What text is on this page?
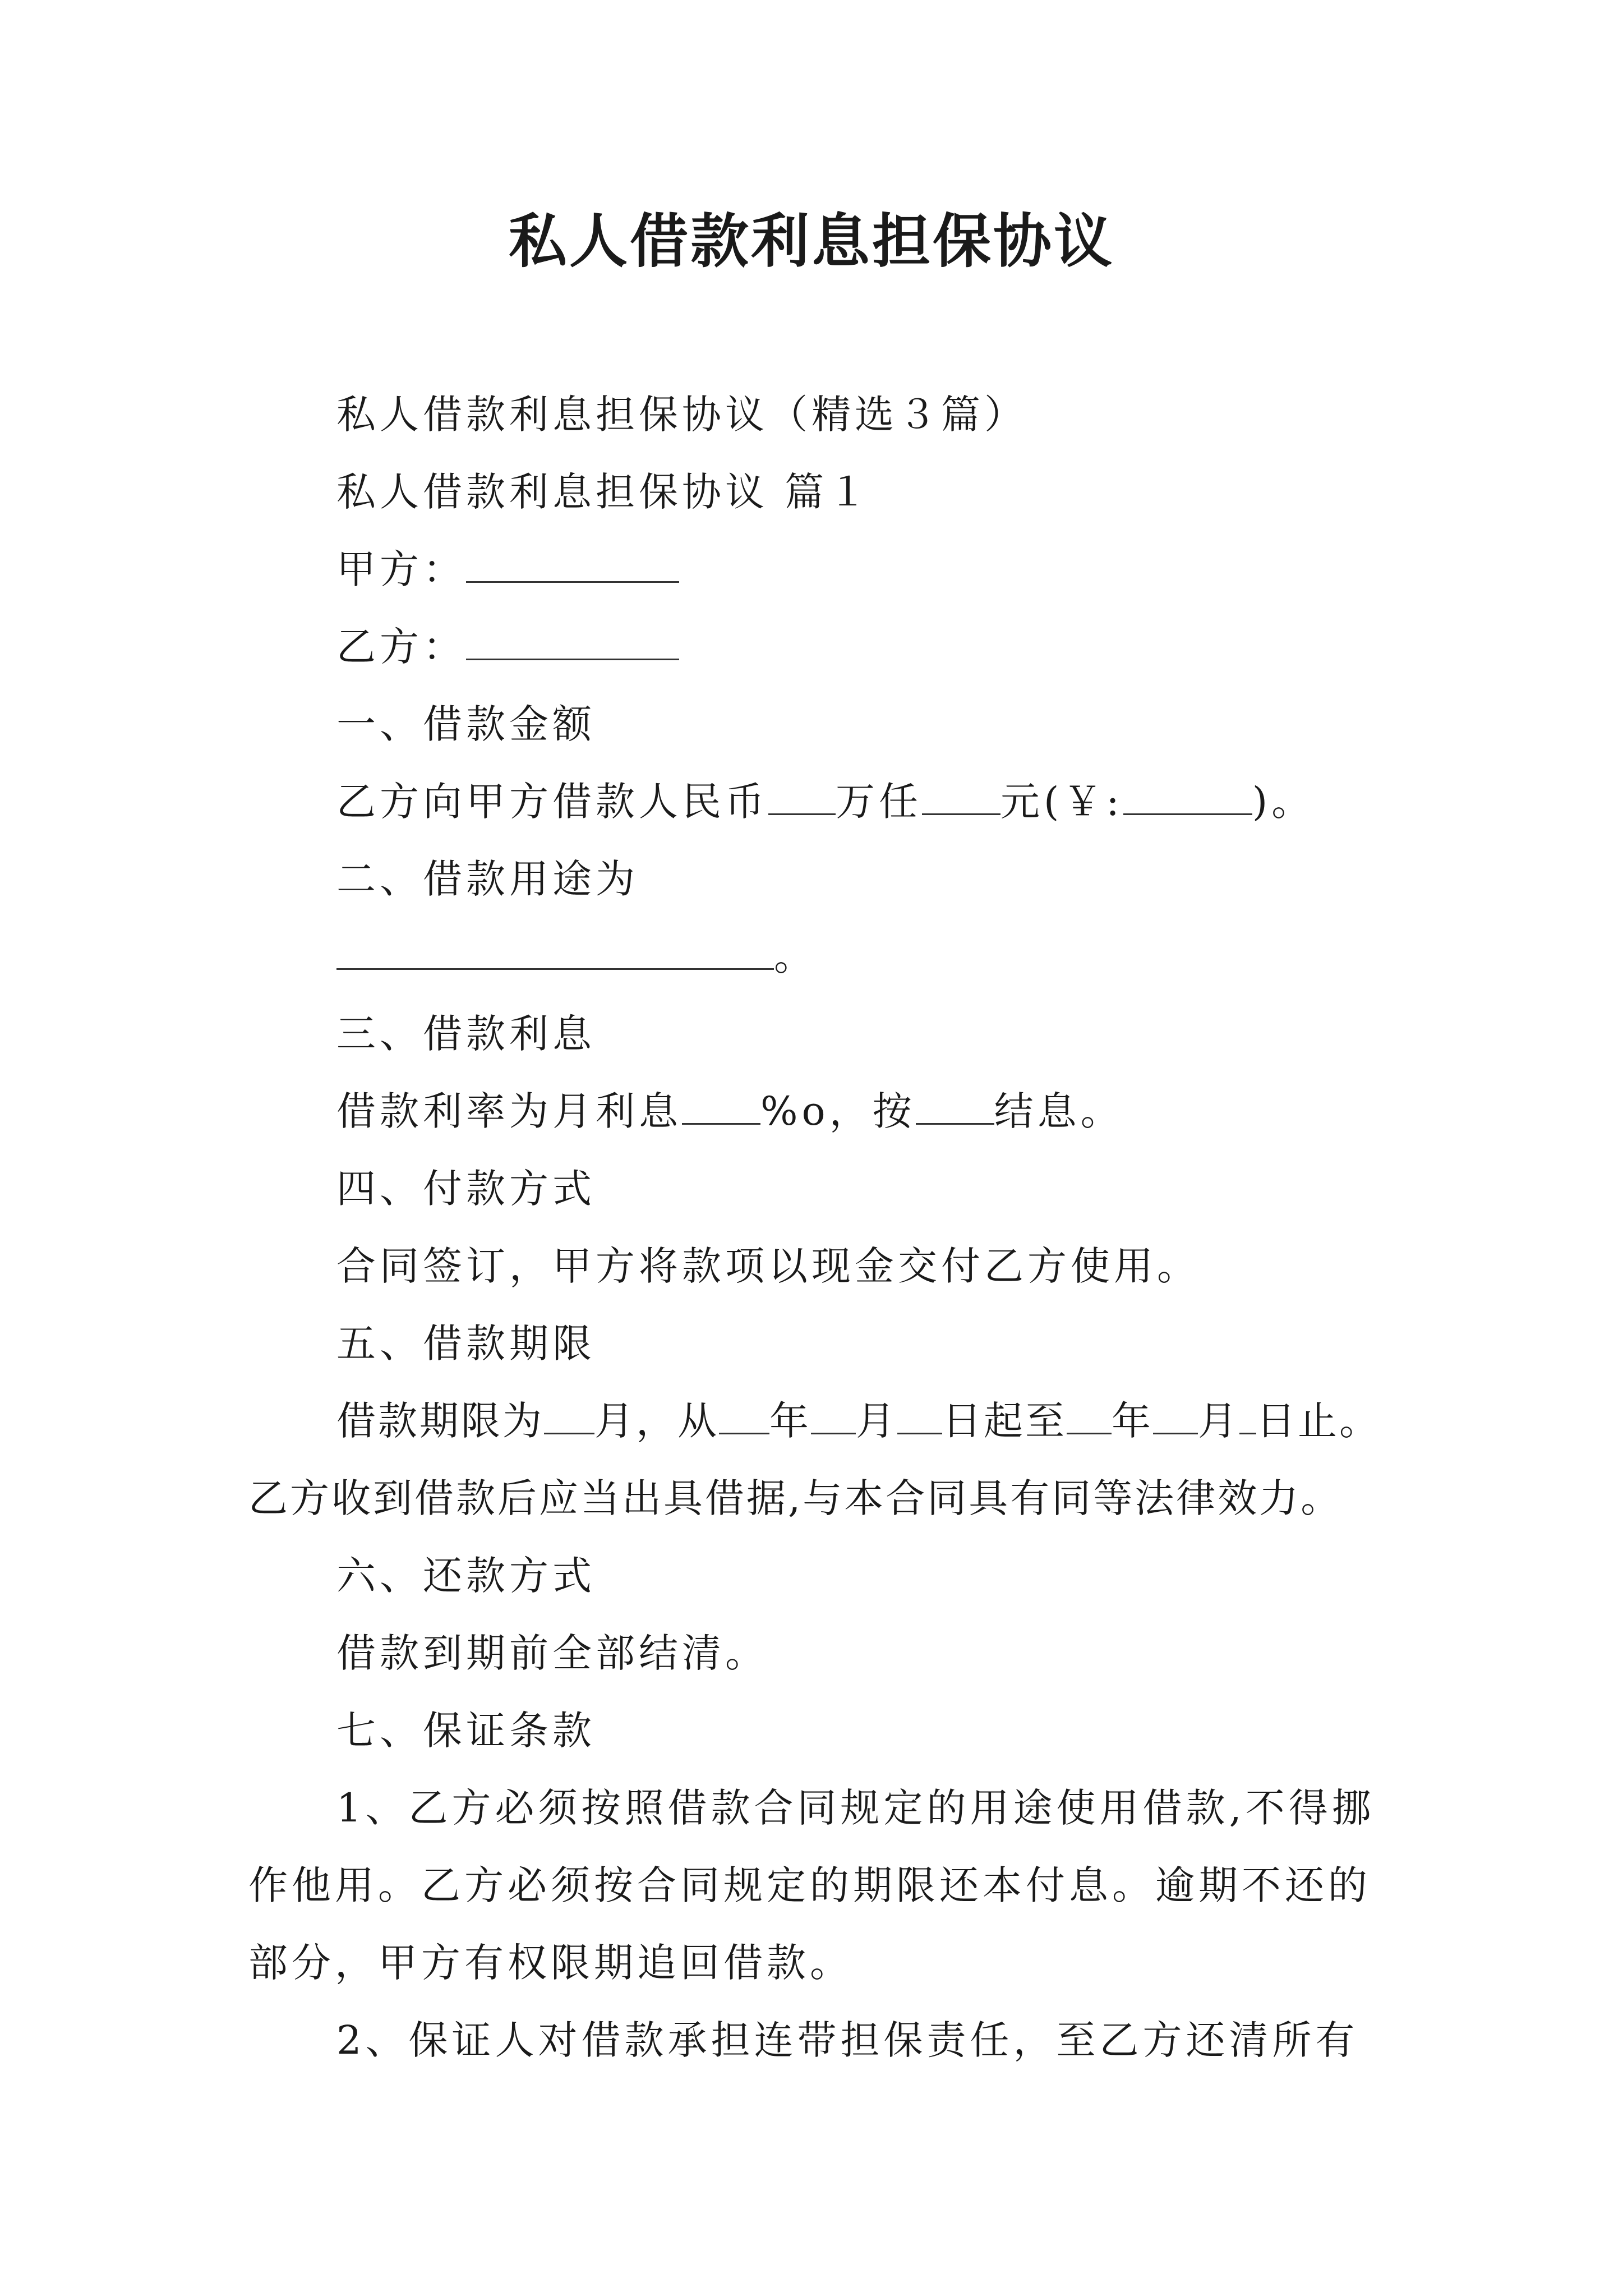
私人借款利息担保协议
私人借款利息担保协议（精选３篇）
私人借款利息担保协议 篇１
甲方：
乙方：
一、借款金额
乙方向甲方借款人民币 万任 元(￥:	)。
二、借款用途为
。
三、借款利息
借款利率为月利息 %o，按 结息。
四、付款方式
合同签订，甲方将款项以现金交付乙方使用。
五、借款期限
借款期限为 月，从 年 月 日起至 年 月 日止。
乙方收到借款后应当出具借据,与本合同具有同等法律效力。
六、还款方式
借款到期前全部结清。
七、保证条款
1、乙方必须按照借款合同规定的用途使用借款,不得挪
作他用。乙方必须按合同规定的期限还本付息。逾期不还的
部分，甲方有权限期追回借款。
2、保证人对借款承担连带担保责任，至乙方还清所有
